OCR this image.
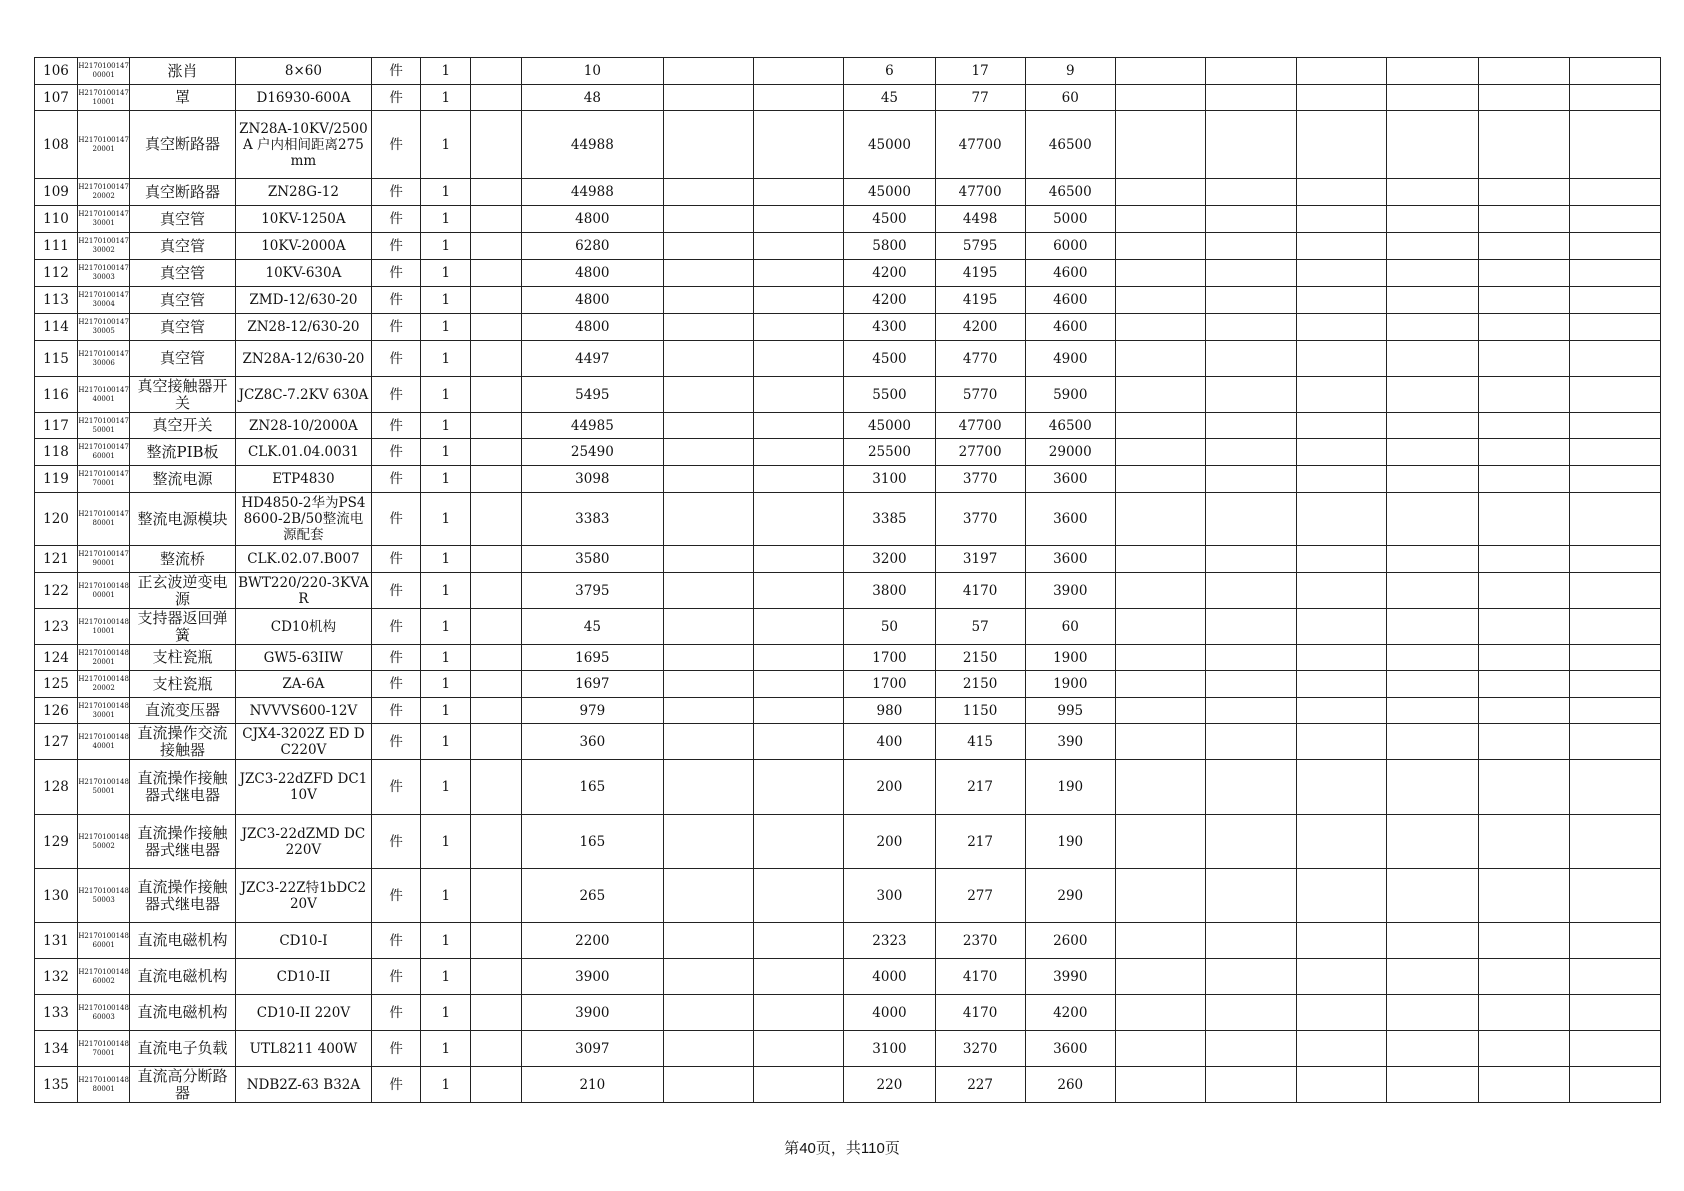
106	H217010014700001	涨肖	8×60	件	1		10			6	17	9						
107	H217010014710001	罩	D16930-600A	件	1		48			45	77	60						
108	H217010014720001	真空断路器	ZN28A-10KV/2500A 户内相间距离275mm	件	1		44988			45000	47700	46500						
109	H217010014720002	真空断路器	ZN28G-12	件	1		44988			45000	47700	46500						
110	H217010014730001	真空管	10KV-1250A	件	1		4800			4500	4498	5000						
111	H217010014730002	真空管	10KV-2000A	件	1		6280			5800	5795	6000						
112	H217010014730003	真空管	10KV-630A	件	1		4800			4200	4195	4600						
113	H217010014730004	真空管	ZMD-12/630-20	件	1		4800			4200	4195	4600						
114	H217010014730005	真空管	ZN28-12/630-20	件	1		4800			4300	4200	4600						
115	H217010014730006	真空管	ZN28A-12/630-20	件	1		4497			4500	4770	4900						
116	H217010014740001	真空接触器开关	JCZ8C-7.2KV 630A	件	1		5495			5500	5770	5900						
117	H217010014750001	真空开关	ZN28-10/2000A	件	1		44985			45000	47700	46500						
118	H217010014760001	整流PIB板	CLK.01.04.0031	件	1		25490			25500	27700	29000						
119	H217010014770001	整流电源	ETP4830	件	1		3098			3100	3770	3600						
120	H217010014780001	整流电源模块	HD4850-2华为PS48600-2B/50整流电源配套	件	1		3383			3385	3770	3600						
121	H217010014790001	整流桥	CLK.02.07.B007	件	1		3580			3200	3197	3600						
122	H217010014800001	正玄波逆变电源	BWT220/220-3KVAR	件	1		3795			3800	4170	3900						
123	H217010014810001	支持器返回弹簧	CD10机构	件	1		45			50	57	60						
124	H217010014820001	支柱瓷瓶	GW5-63IIW	件	1		1695			1700	2150	1900						
125	H217010014820002	支柱瓷瓶	ZA-6A	件	1		1697			1700	2150	1900						
126	H217010014830001	直流变压器	NVVVS600-12V	件	1		979			980	1150	995						
127	H217010014840001	直流操作交流接触器	CJX4-3202Z ED DC220V	件	1		360			400	415	390						
128	H217010014850001	直流操作接触器式继电器	JZC3-22dZFD DC110V	件	1		165			200	217	190						
129	H217010014850002	直流操作接触器式继电器	JZC3-22dZMD DC220V	件	1		165			200	217	190						
130	H217010014850003	直流操作接触器式继电器	JZC3-22Z特1bDC220V	件	1		265			300	277	290						
131	H217010014860001	直流电磁机构	CD10-I	件	1		2200			2323	2370	2600						
132	H217010014860002	直流电磁机构	CD10-II	件	1		3900			4000	4170	3990						
133	H217010014860003	直流电磁机构	CD10-II 220V	件	1		3900			4000	4170	4200						
134	H217010014870001	直流电子负载	UTL8211 400W	件	1		3097			3100	3270	3600						
135	H217010014880001	直流高分断路器	NDB2Z-63 B32A	件	1		210			220	227	260						
第40页，共110页
